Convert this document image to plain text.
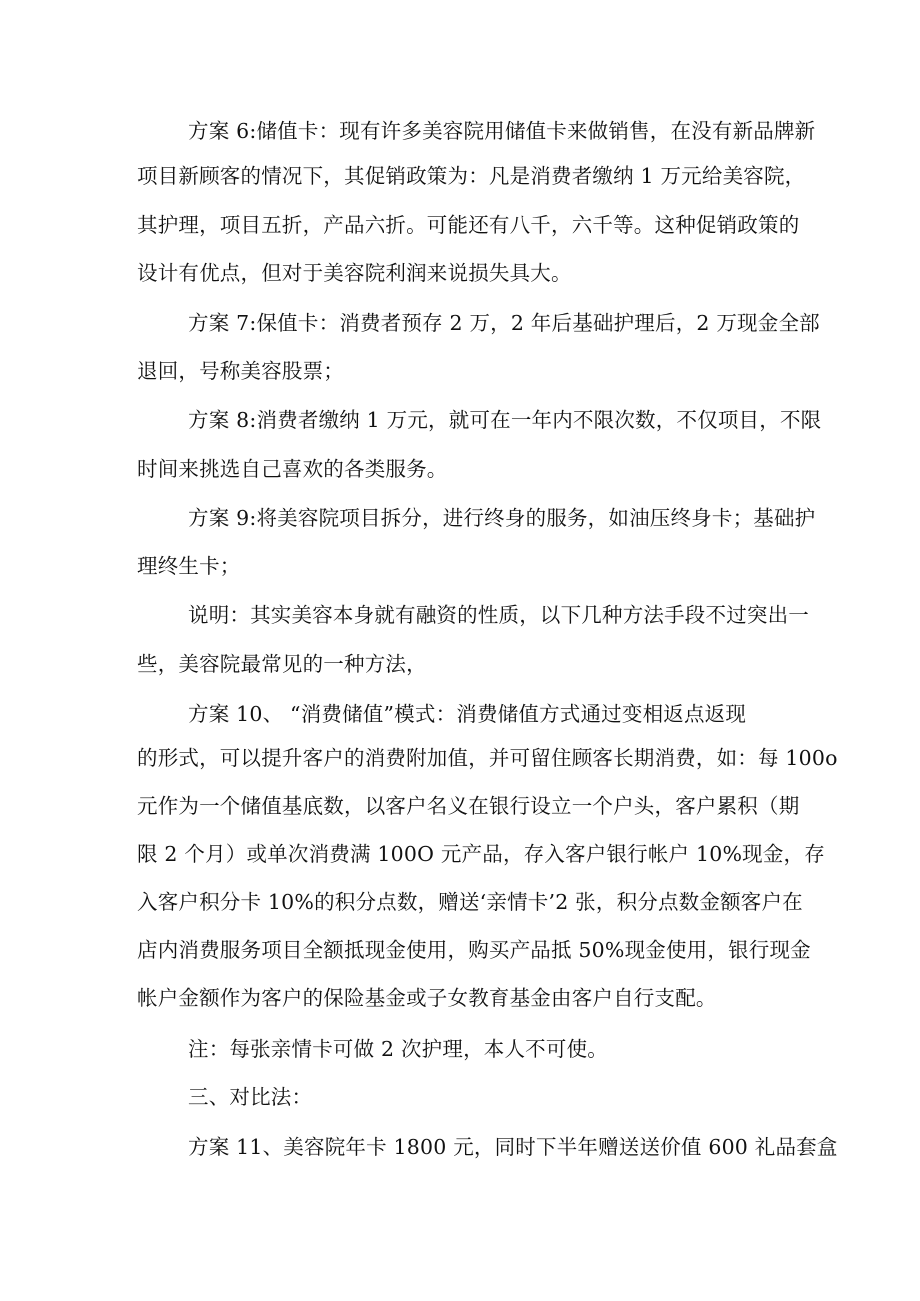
方案 6:储值卡：现有许多美容院用储值卡来做销售，在没有新品牌新
项目新顾客的情况下，其促销政策为：凡是消费者缴纳 1 万元给美容院，
其护理，项目五折，产品六折。可能还有八千，六千等。这种促销政策的
设计有优点，但对于美容院利润来说损失具大。
方案 7:保值卡：消费者预存 2 万，2 年后基础护理后，2 万现金全部
退回，号称美容股票；
方案 8:消费者缴纳 1 万元，就可在一年内不限次数，不仅项目，不限
时间来挑选自己喜欢的各类服务。
方案 9:将美容院项目拆分，进行终身的服务，如油压终身卡；基础护
理终生卡；
说明：其实美容本身就有融资的性质，以下几种方法手段不过突出一
些，美容院最常见的一种方法，
方案 10、 “消费储值”模式：消费储值方式通过变相返点返现
的形式，可以提升客户的消费附加值，并可留住顾客长期消费，如：每 100o
元作为一个储值基底数，以客户名义在银行设立一个户头，客户累积（期
限 2 个月）或单次消费满 100O 元产品，存入客户银行帐户 10%现金，存
入客户积分卡 10%的积分点数，赠送‘亲情卡’2 张，积分点数金额客户在
店内消费服务项目全额抵现金使用，购买产品抵 50%现金使用，银行现金
帐户金额作为客户的保险基金或子女教育基金由客户自行支配。
注：每张亲情卡可做 2 次护理，本人不可使。
三、对比法：
方案 11、美容院年卡 1800 元，同时下半年赠送送价值 600 礼品套盒
